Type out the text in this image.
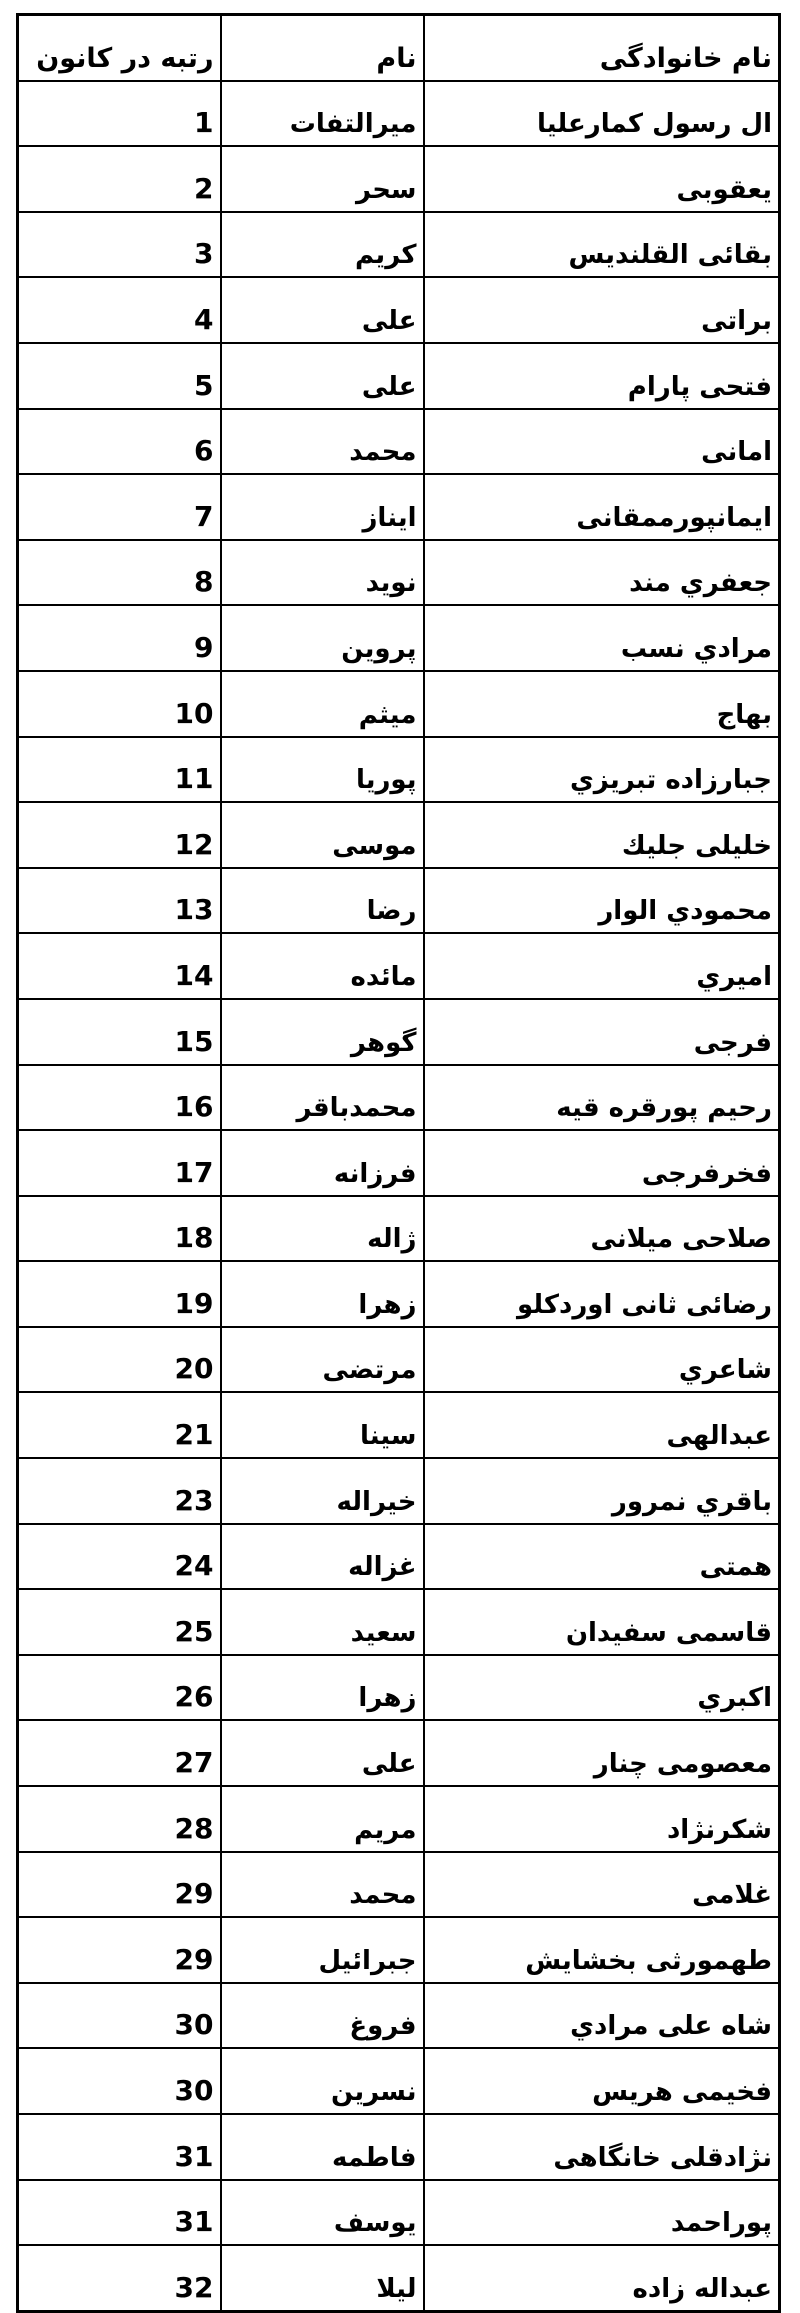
رتبه در کانون	نام	نام خانوادگی
1	میرالتفات	ال رسول کمارعلیا
2	سحر	یعقوبی
3	کریم	بقائی القلندیس
4	علی	براتی
5	علی	فتحی پارام
6	محمد	امانی
7	ایناز	ایمانپورممقانی
8	نوید	جعفري مند
9	پروین	مرادي نسب
10	میثم	بهاج
11	پوریا	جبارزاده تبریزي
12	موسی	خلیلی جلیك
13	رضا	محمودي الوار
14	مائده	امیري
15	گوهر	فرجی
16	محمدباقر	رحیم پورقره قیه
17	فرزانه	فخرفرجی
18	ژاله	صلاحی میلانی
19	زهرا	رضائی ثانی اوردکلو
20	مرتضی	شاعري
21	سینا	عبدالهی
23	خیراله	باقري نمرور
24	غزاله	همتی
25	سعید	قاسمی سفیدان
26	زهرا	اکبري
27	علی	معصومی چنار
28	مریم	شکرنژاد
29	محمد	غلامی
29	جبرائیل	طهمورثی بخشایش
30	فروغ	شاه علی مرادي
30	نسرین	فخیمی هریس
31	فاطمه	نژادقلی خانگاهی
31	یوسف	پوراحمد
32	لیلا	عبداله زاده
